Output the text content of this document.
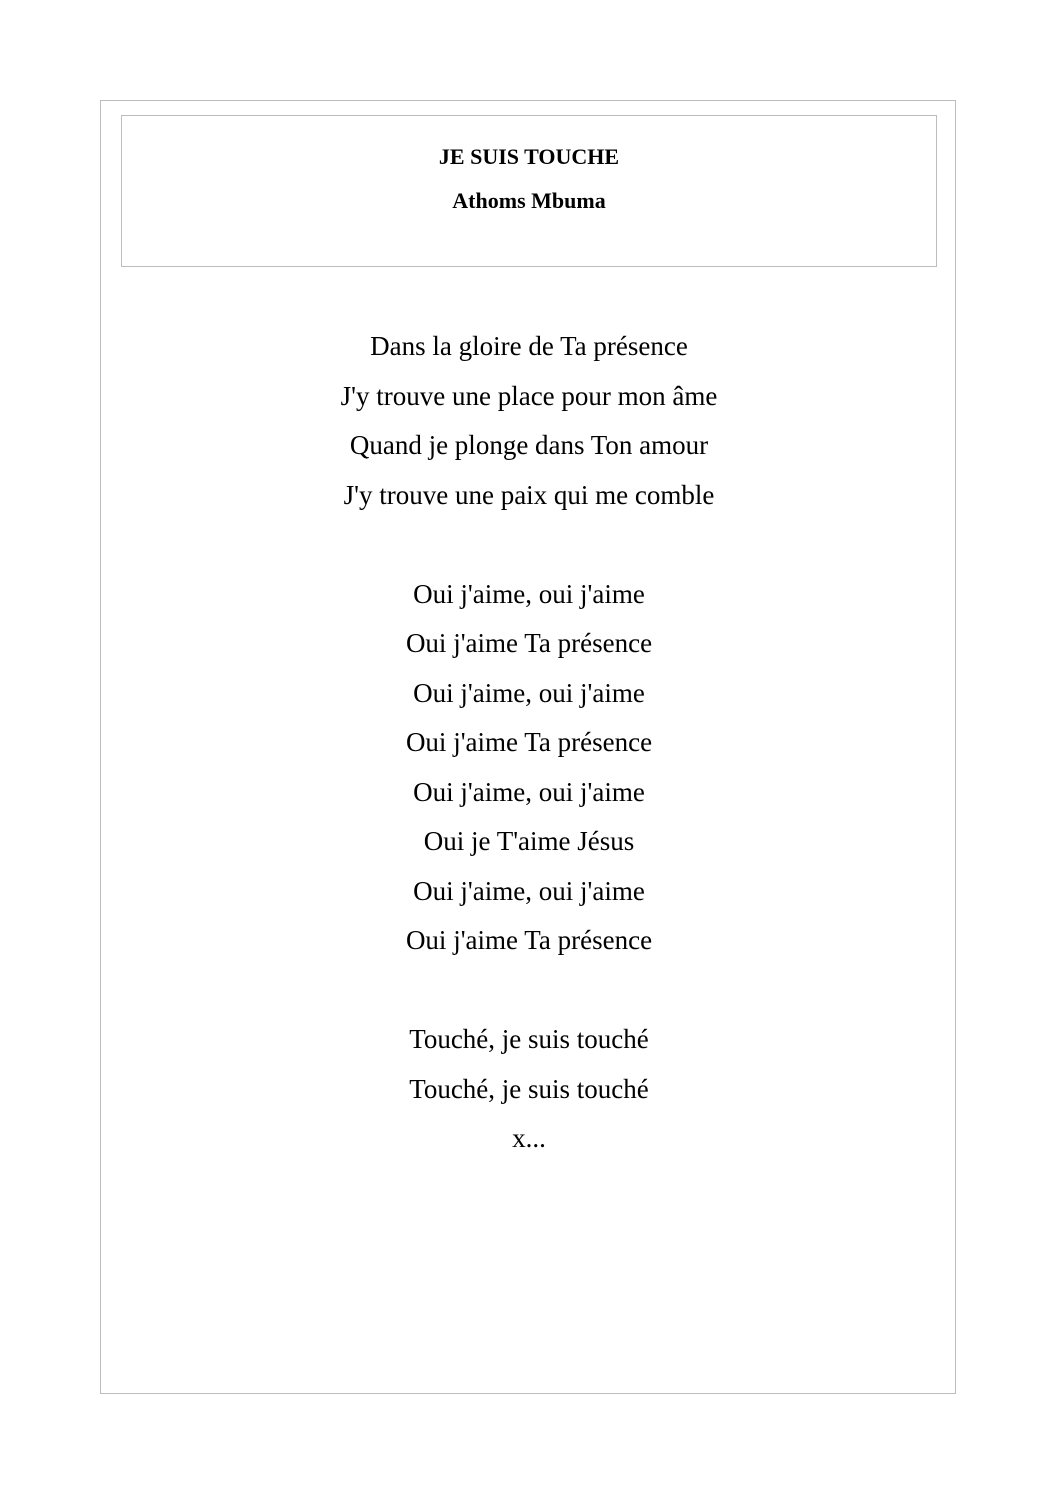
JE SUIS TOUCHE

Athoms Mbuma

Dans la gloire de Ta présence
J'y trouve une place pour mon âme
Quand je plonge dans Ton amour
J'y trouve une paix qui me comble
Oui j'aime, oui j'aime
Oui j'aime Ta présence
Oui j'aime, oui j'aime
Oui j'aime Ta présence
Oui j'aime, oui j'aime
Oui je T'aime Jésus
Oui j'aime, oui j'aime
Oui j'aime Ta présence
Touché, je suis touché
Touché, je suis touché
x...
